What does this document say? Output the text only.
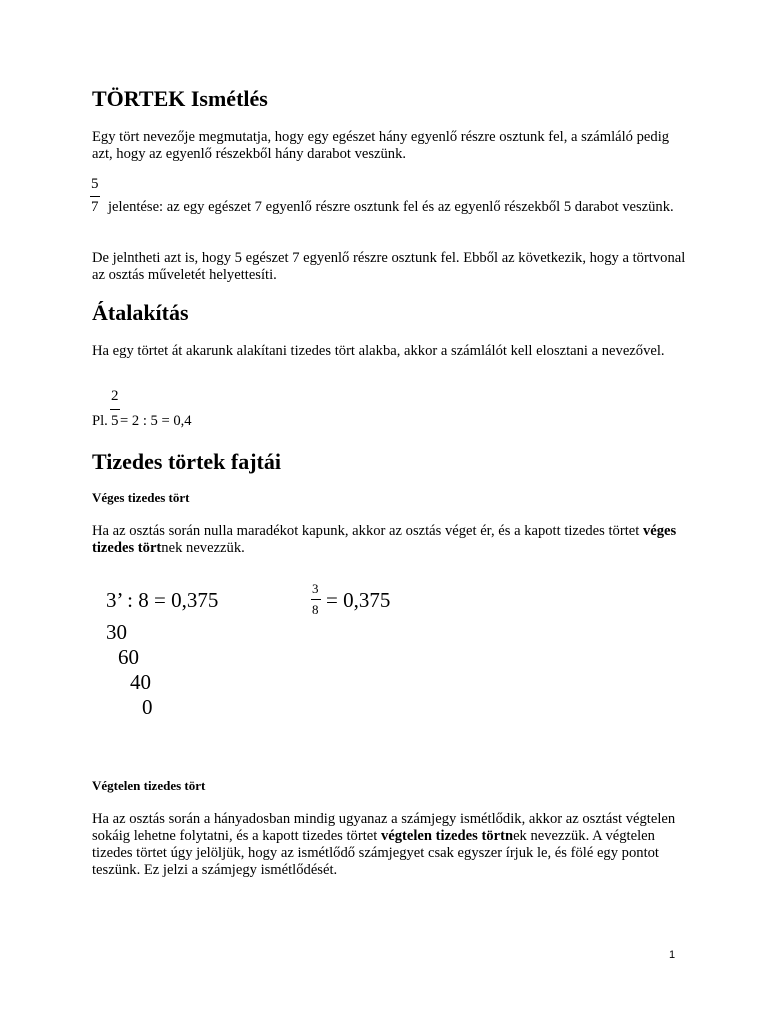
TÖRTEK Ismétlés
Egy tört nevezője megmutatja, hogy egy egészet hány egyenlő részre osztunk fel, a számláló pedig azt, hogy az egyenlő részekből hány darabot veszünk.
5
7 jelentése: az egy egészet 7 egyenlő részre osztunk fel és az egyenlő részekből 5 darabot veszünk.
De jelntheti azt is, hogy 5 egészet 7 egyenlő részre osztunk fel. Ebből az következik, hogy a törtvonal az osztás műveletét helyettesíti.
Átalakítás
Ha egy törtet át akarunk alakítani tizedes tört alakba, akkor a számlálót kell elosztani a nevezővel.
2
Pl. 5 = 2 : 5 = 0,4
Tizedes törtek fajtái
Véges tizedes tört
Ha az osztás során nulla maradékot kapunk, akkor az osztás véget ér, és a kapott tizedes törtet véges tizedes törtnek nevezzük.
3’ : 8 = 0,375
30
60
40
0
3
8 = 0,375
Végtelen tizedes tört
Ha az osztás során a hányadosban mindig ugyanaz a számjegy ismétlődik, akkor az osztást végtelen sokáig lehetne folytatni, és a kapott tizedes törtet végtelen tizedes törtnek nevezzük. A végtelen tizedes törtet úgy jelöljük, hogy az ismétlődő számjegyet csak egyszer írjuk le, és fölé egy pontot teszünk. Ez jelzi a számjegy ismétlődését.
1
